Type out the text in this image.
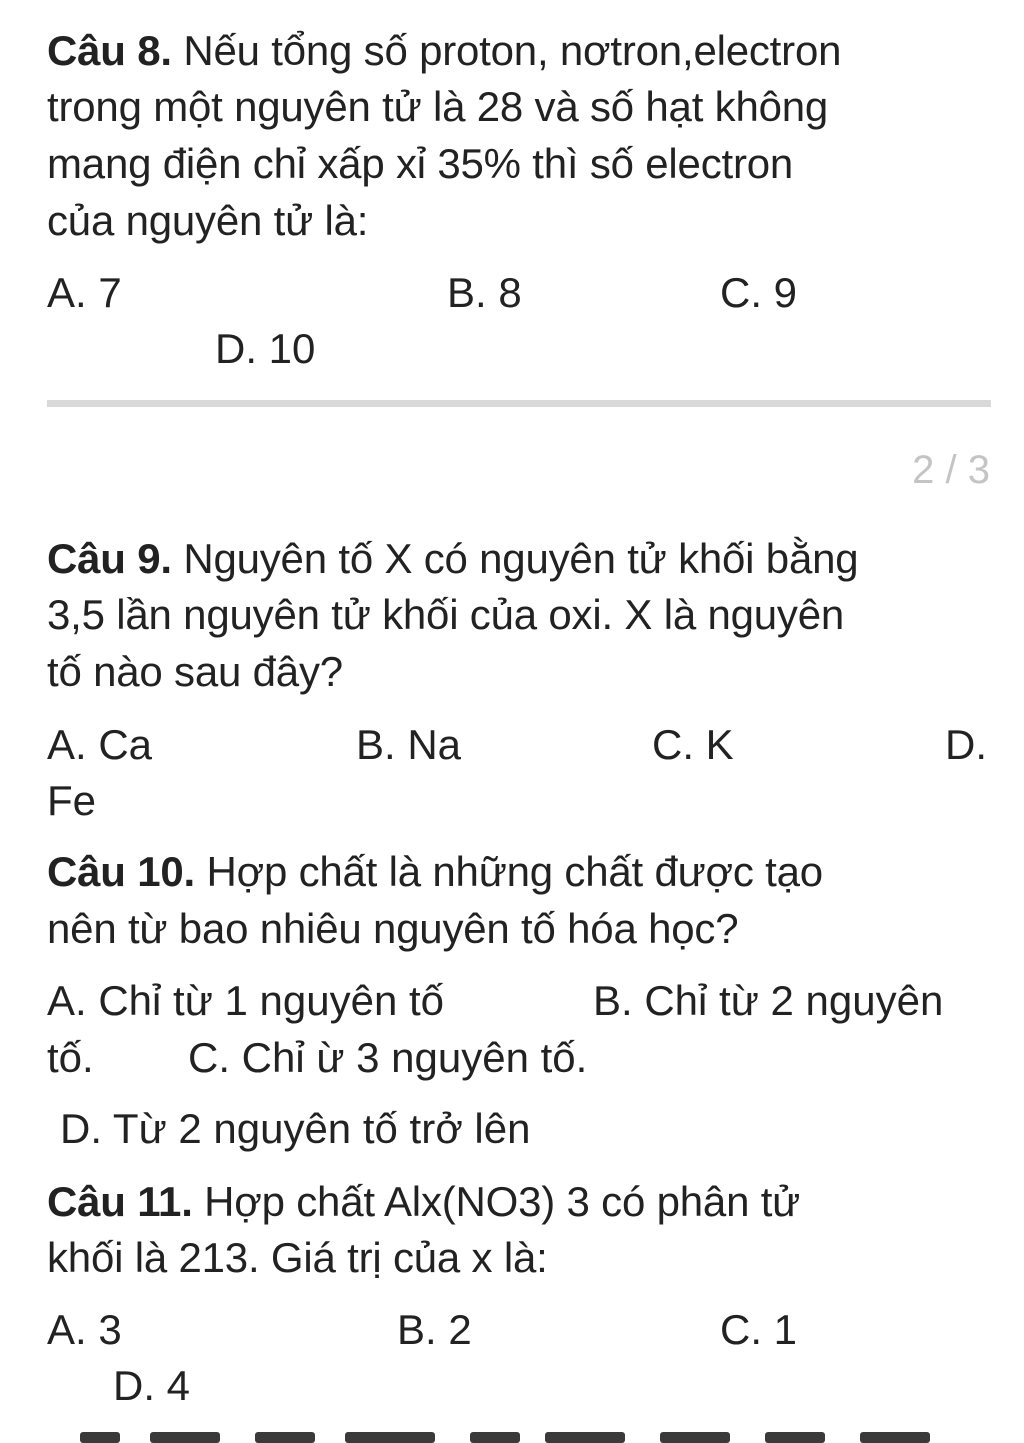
Câu 8. Nếu tổng số proton, nơtron,electron
trong một nguyên tử là 28 và số hạt không
mang điện chỉ xấp xỉ 35% thì số electron
của nguyên tử là:
A. 7	B. 8	C. 9
D. 10
2 / 3
Câu 9. Nguyên tố X có nguyên tử khối bằng
3,5 lần nguyên tử khối của oxi. X là nguyên
tố nào sau đây?
A. Ca	B. Na	C. K	D.
Fe
Câu 10. Hợp chất là những chất được tạo
nên từ bao nhiêu nguyên tố hóa học?
A. Chỉ từ 1 nguyên tố	B. Chỉ từ 2 nguyên
tố. C. Chỉ ừ 3 nguyên tố.
D. Từ 2 nguyên tố trở lên
Câu 11. Hợp chất Alx(NO3) 3 có phân tử
khối là 213. Giá trị của x là:
A. 3	B. 2	C. 1
D. 4
